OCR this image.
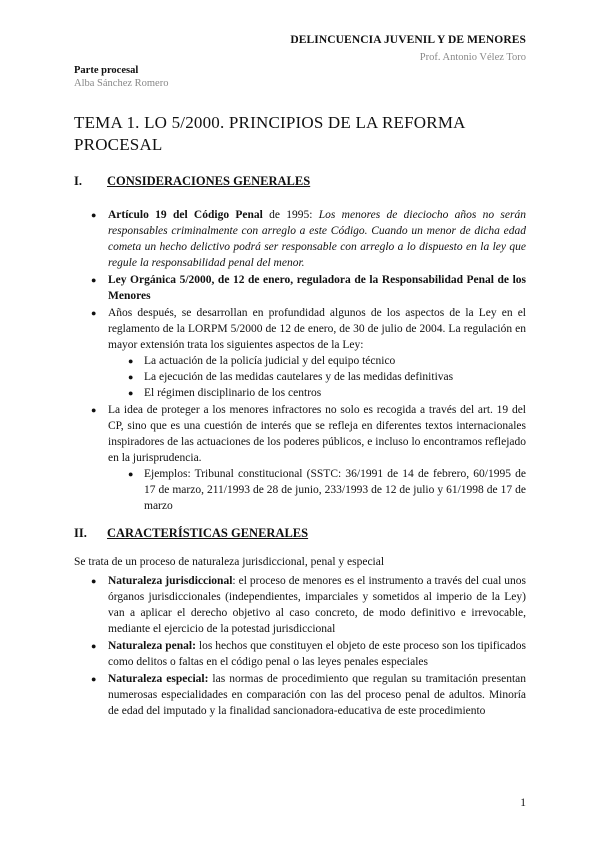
DELINCUENCIA JUVENIL Y DE MENORES
Prof. Antonio Vélez Toro
Parte procesal
Alba Sánchez Romero
TEMA 1. LO 5/2000. PRINCIPIOS DE LA REFORMA PROCESAL
I. CONSIDERACIONES GENERALES
● Artículo 19 del Código Penal de 1995: Los menores de dieciocho años no serán responsables criminalmente con arreglo a este Código. Cuando un menor de dicha edad cometa un hecho delictivo podrá ser responsable con arreglo a lo dispuesto en la ley que regule la responsabilidad penal del menor.
● Ley Orgánica 5/2000, de 12 de enero, reguladora de la Responsabilidad Penal de los Menores
● Años después, se desarrollan en profundidad algunos de los aspectos de la Ley en el reglamento de la LORPM 5/2000 de 12 de enero, de 30 de julio de 2004. La regulación en mayor extensión trata los siguientes aspectos de la Ley:
● La actuación de la policía judicial y del equipo técnico
● La ejecución de las medidas cautelares y de las medidas definitivas
● El régimen disciplinario de los centros
● La idea de proteger a los menores infractores no solo es recogida a través del art. 19 del CP, sino que es una cuestión de interés que se refleja en diferentes textos internacionales inspiradores de las actuaciones de los poderes públicos, e incluso lo encontramos reflejado en la jurisprudencia.
● Ejemplos: Tribunal constitucional (SSTC: 36/1991 de 14 de febrero, 60/1995 de 17 de marzo, 211/1993 de 28 de junio, 233/1993 de 12 de julio y 61/1998 de 17 de marzo
II. CARACTERÍSTICAS GENERALES
Se trata de un proceso de naturaleza jurisdiccional, penal y especial
● Naturaleza jurisdiccional: el proceso de menores es el instrumento a través del cual unos órganos jurisdiccionales (independientes, imparciales y sometidos al imperio de la Ley) van a aplicar el derecho objetivo al caso concreto, de modo definitivo e irrevocable, mediante el ejercicio de la potestad jurisdiccional
● Naturaleza penal: los hechos que constituyen el objeto de este proceso son los tipificados como delitos o faltas en el código penal o las leyes penales especiales
● Naturaleza especial: las normas de procedimiento que regulan su tramitación presentan numerosas especialidades en comparación con las del proceso penal de adultos. Minoría de edad del imputado y la finalidad sancionadora-educativa de este procedimiento
1
